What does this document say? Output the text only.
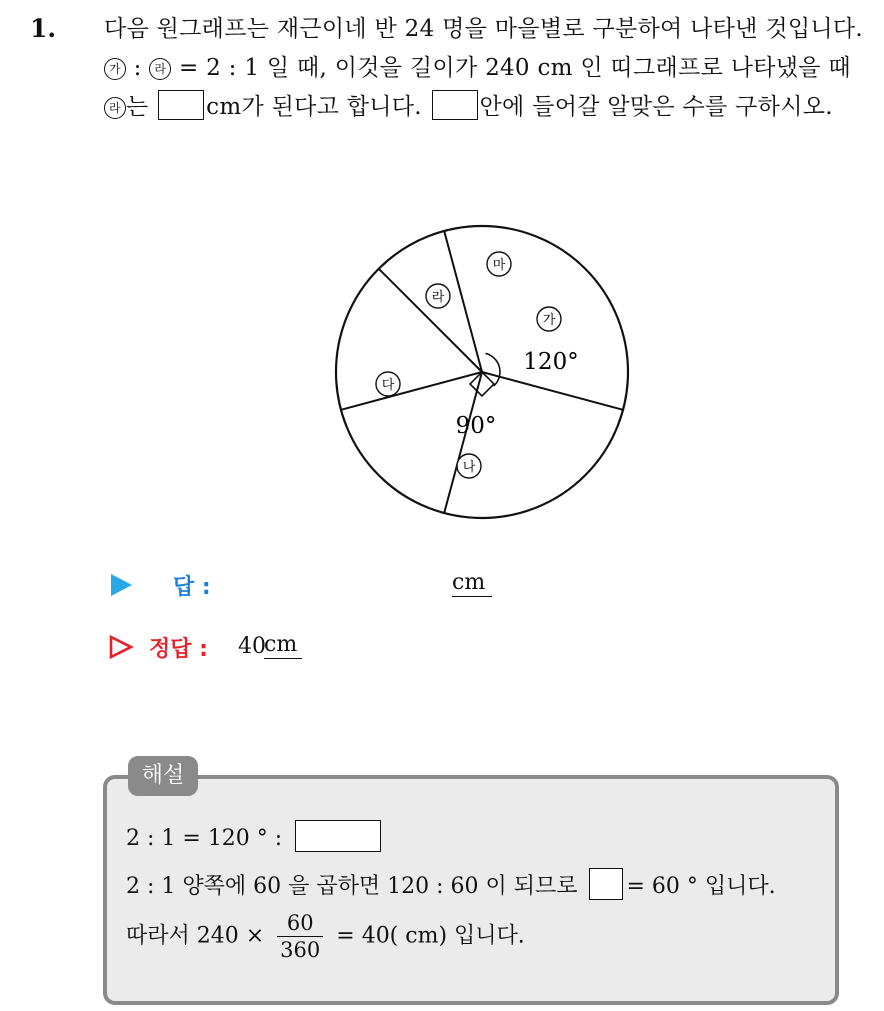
1. 다음 원그래프는 재근이네 반 24 명을 마을별로 구분하여 나타낸 것입니다. 가 : 라 = 2 : 1 일 때, 이것을 길이가 240 cm 인 띠그래프로 나타냈을 때 라 는	cm가 된다고 합니다.	안에 들어갈 알맞은 수를 구하시오.
마
가
라
다
나
120°
90°
답 :	cm
정답 : 40
cm
해설
2 : 1 = 120 ° :
2 : 1 양쪽에 60 을 곱하면 120 : 60 이 되므로 = 60 ° 입니다.
따라서 $240 \times \frac{60}{360} = 40$( cm) 입니다.
